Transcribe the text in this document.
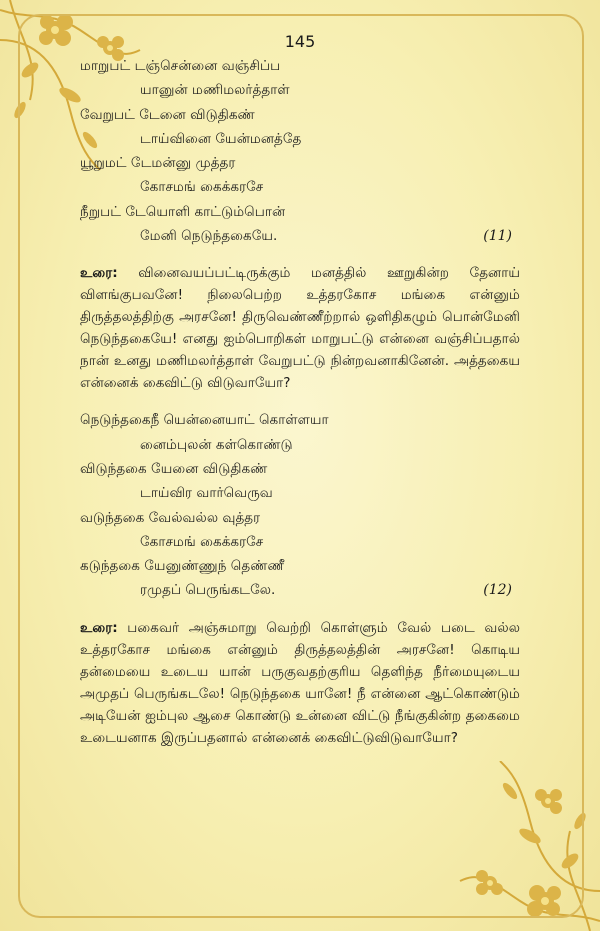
145
மாறுபட் டஞ்சென்னை வஞ்சிப்ப
யானுன் மணிமலர்த்தாள்
வேறுபட் டேனை விடுதிகண்
டாய்வினை யேன்மனத்தே
யூறுமட் டேமன்னு முத்தர
கோசமங் கைக்கரசே
நீறுபட் டேயொளி காட்டும்பொன்
மேனி நெடுந்தகையே.	(11)
உரை: வினைவயப்பட்டிருக்கும் மனத்தில் ஊறுகின்ற தேனாய் விளங்குபவனே! நிலைபெற்ற உத்தரகோச மங்கை என்னும் திருத்தலத்திற்கு அரசனே! திருவெண்ணீற்றால் ஒளிதிகழும் பொன்மேனி நெடுந்தகையே! எனது ஐம்பொறிகள் மாறுபட்டு என்னை வஞ்சிப்பதால் நான் உனது மணிமலர்த்தாள் வேறுபட்டு நின்றவனாகினேன். அத்தகைய என்னைக் கைவிட்டு விடுவாயோ?
நெடுந்தகைநீ யென்னையாட் கொள்ளயா
னைம்புலன் கள்கொண்டு
விடுந்தகை யேனை விடுதிகண்
டாய்விர வார்வெருவ
வடுந்தகை வேல்வல்ல வுத்தர
கோசமங் கைக்கரசே
கடுந்தகை யேனுண்ணுந் தெண்ணீ
ரமுதப் பெருங்கடலே.	(12)
உரை: பகைவர் அஞ்சுமாறு வெற்றி கொள்ளும் வேல் படை வல்ல உத்தரகோச மங்கை என்னும் திருத்தலத்தின் அரசனே! கொடிய தன்மையை உடைய யான் பருகுவதற்குரிய தெளிந்த நீர்மையுடைய அமுதப் பெருங்கடலே! நெடுந்தகை யானே! நீ என்னை ஆட்கொண்டும் அடியேன் ஐம்புல ஆசை கொண்டு உன்னை விட்டு நீங்குகின்ற தகைமை உடையனாக இருப்பதனால் என்னைக் கைவிட்டுவிடுவாயோ?
